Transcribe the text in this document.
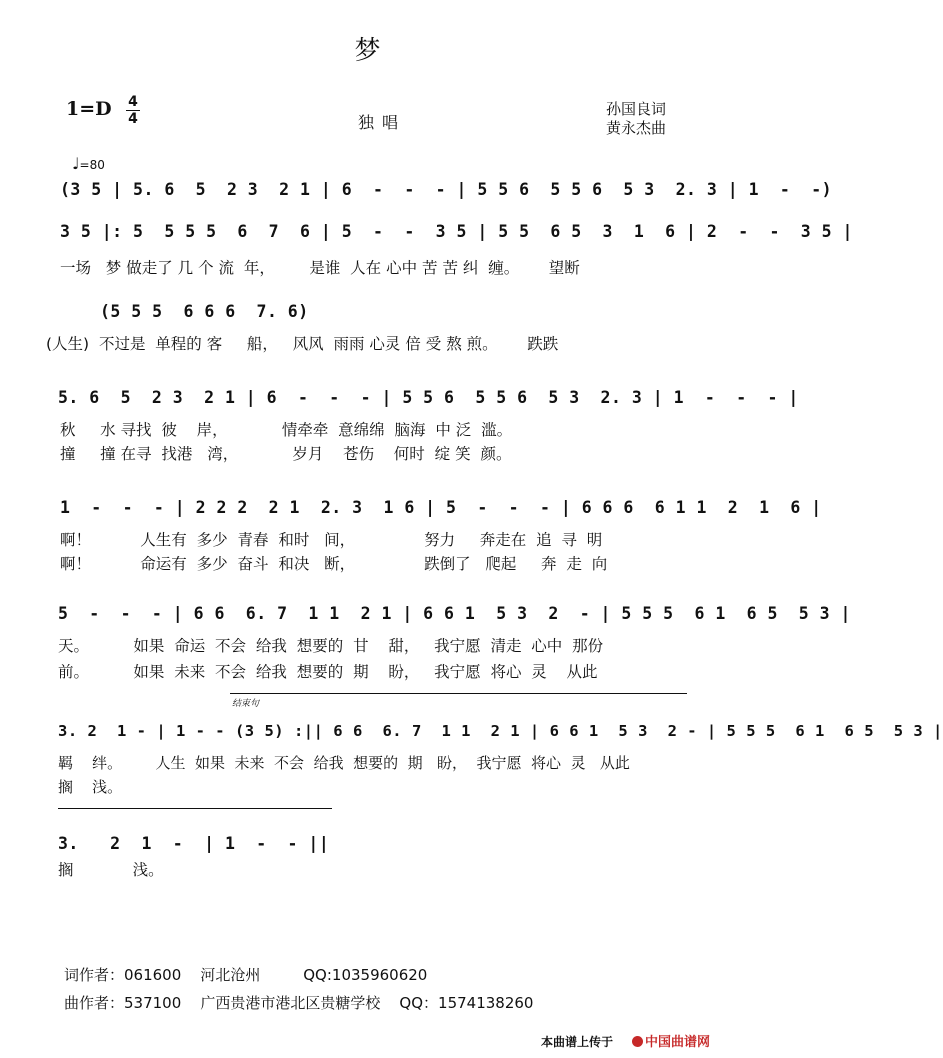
梦
1=D 4
4	独唱
孙国良词
黄永杰曲
♩=80
(3 5 | 5. 6  5  2 3  2 1 | 6  -  -  - | 5 5 6  5 5 6  5 3  2. 3 | 1  -  -)
3 5 |: 5  5 5 5  6  7  6 | 5  -  -  3 5 | 5 5  6 5  3  1  6 | 2  -  -  3 5 |
一场   梦 做走了 几 个 流  年，       是谁  人在 心中 苦 苦 纠  缠。      望断
(5 5 5  6 6 6  7. 6)
(人生)  不过是  单程的 客     船，   风风  雨雨 心灵 倍 受 熬 煎。      跌跌
5. 6  5  2 3  2 1 | 6  -  -  - | 5 5 6  5 5 6  5 3  2. 3 | 1  -  -  - |
秋     水 寻找  彼    岸，           情牵牵  意绵绵  脑海  中 泛  滥。
撞     撞 在寻  找港   湾，           岁月    苍伤    何时  绽 笑  颜。
1  -  -  - | 2 2 2  2 1  2. 3  1 6 | 5  -  -  - | 6 6 6  6 1 1  2  1  6 |
啊！          人生有  多少  青春  和时   间，              努力     奔走在  追  寻  明
啊！          命运有  多少  奋斗  和决   断，              跌倒了   爬起     奔  走  向
5  -  -  - | 6 6  6. 7  1 1  2 1 | 6 6 1  5 3  2  - | 5 5 5  6 1  6 5  5 3 |
天。         如果  命运  不会  给我  想要的  甘    甜，   我宁愿  清走  心中  那份
前。         如果  未来  不会  给我  想要的  期    盼，   我宁愿  将心  灵    从此
结束句
3. 2  1 - | 1 - - (3 5) :|| 6 6  6. 7  1 1  2 1 | 6 6 1  5 3  2 - | 5 5 5  6 1  6 5  5 3 |
羁    绊。       人生  如果  未来  不会  给我  想要的  期   盼，  我宁愿  将心  灵   从此
搁    浅。
3.   2  1  -  | 1  -  - ||
搁            浅。
词作者：061600    河北沧州         QQ:1035960620
曲作者：537100    广西贵港市港北区贵糖学校    QQ：1574138260
本曲谱上传于	中国曲谱网
